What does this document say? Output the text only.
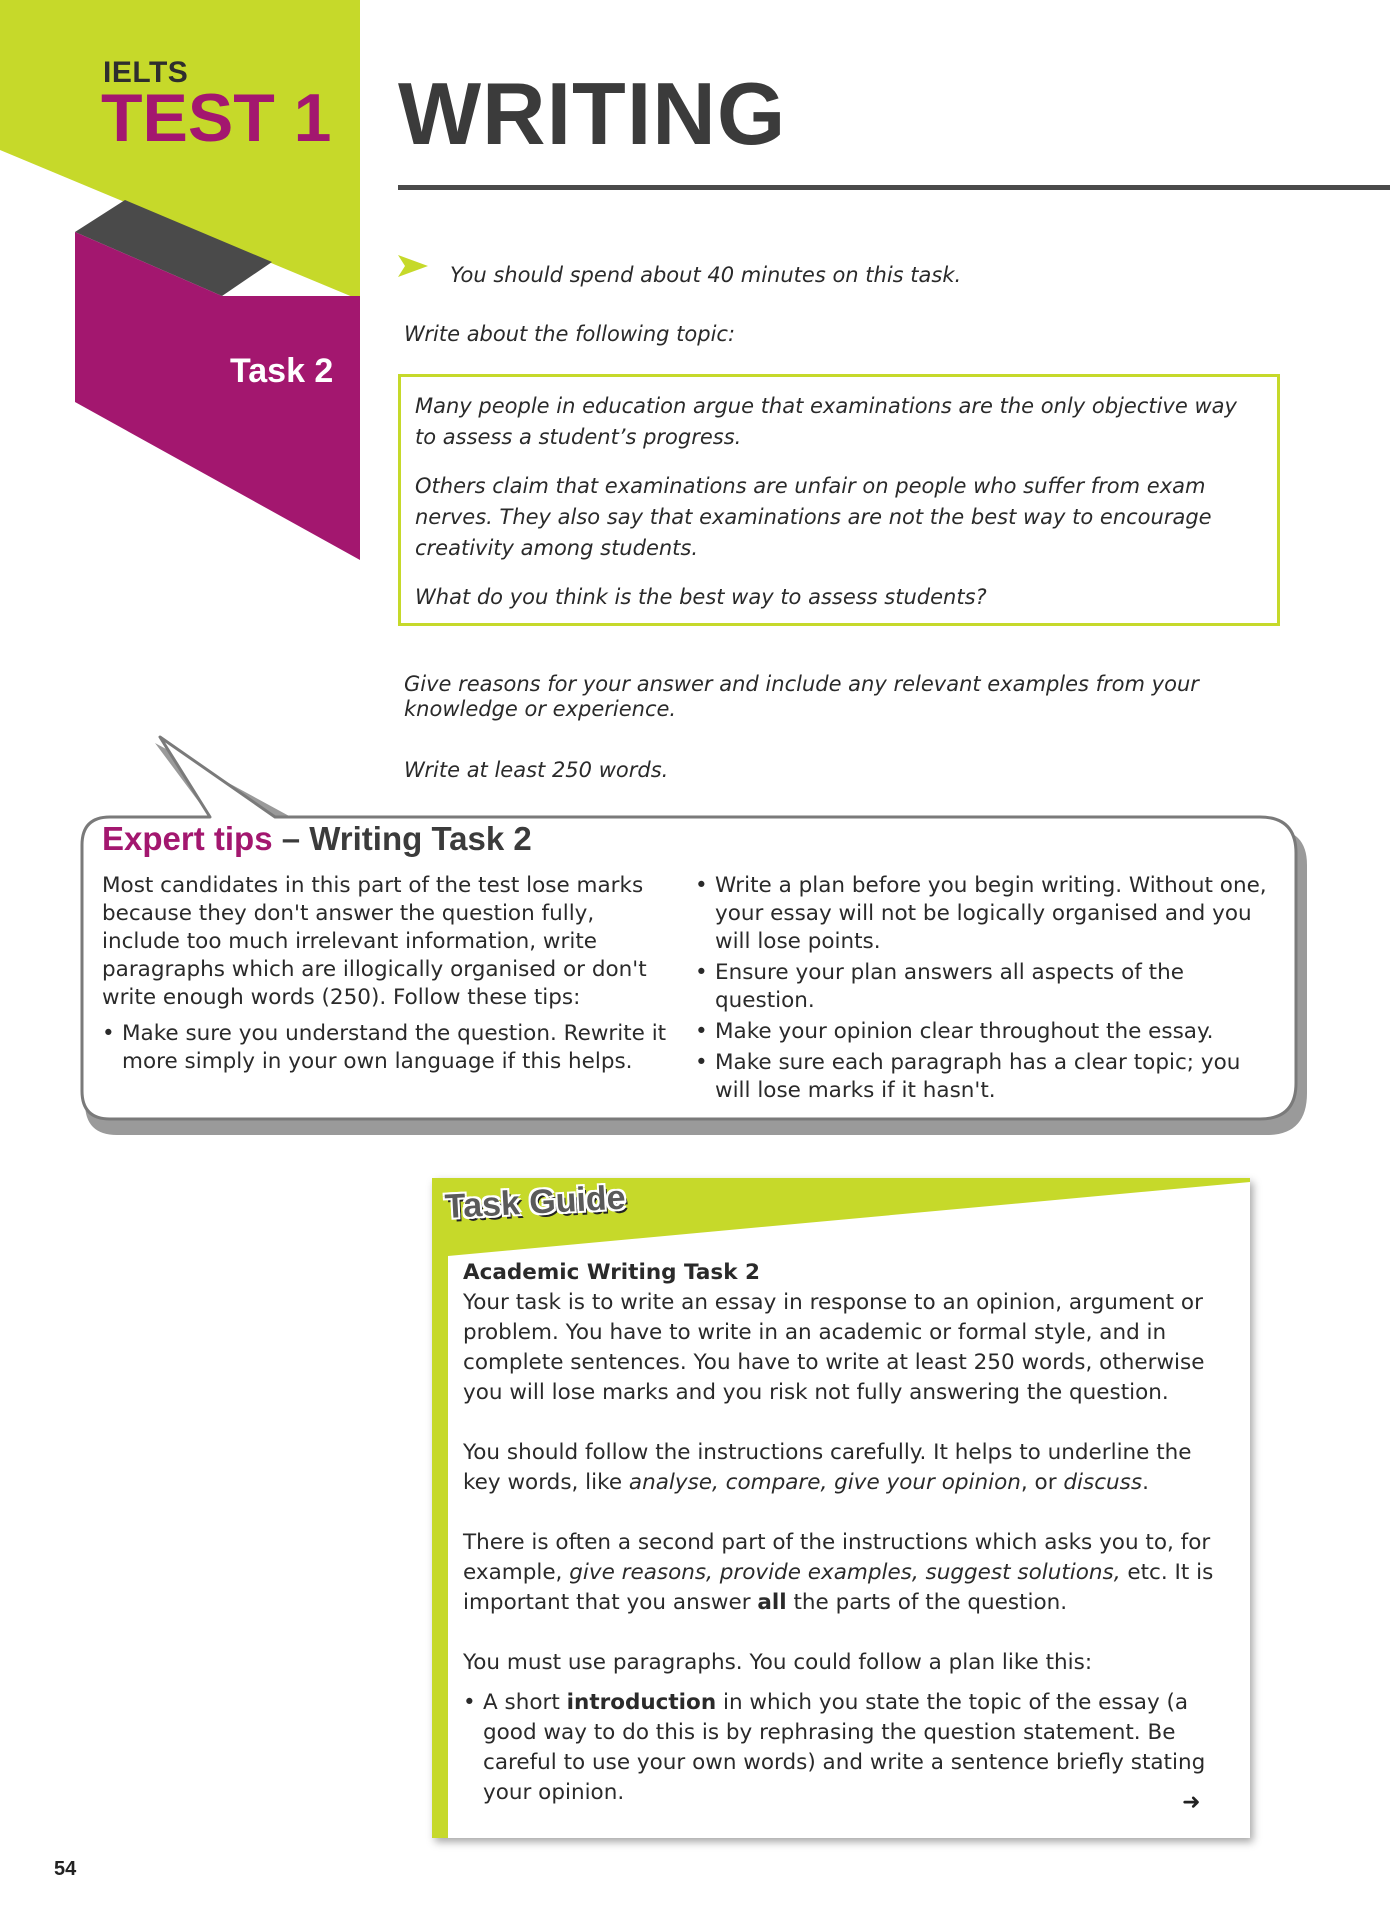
IELTS
TEST 1
Task 2
WRITING
You should spend about 40 minutes on this task.
Write about the following topic:

Many people in education argue that examinations are the only objective way to assess a student’s progress.

Others claim that examinations are unfair on people who suffer from exam nerves. They also say that examinations are not the best way to encourage creativity among students.

What do you think is the best way to assess students?

Give reasons for your answer and include any relevant examples from your knowledge or experience.
Write at least 250 words.
Expert tips – Writing Task 2

Most candidates in this part of the test lose marks because they don't answer the question fully, include too much irrelevant information, write paragraphs which are illogically organised or don't write enough words (250). Follow these tips:

• Make sure you understand the question. Rewrite it more simply in your own language if this helps.
• Write a plan before you begin writing. Without one, your essay will not be logically organised and you will lose points.
• Ensure your plan answers all aspects of the question.
• Make your opinion clear throughout the essay.
• Make sure each paragraph has a clear topic; you will lose marks if it hasn't.
Task Guide
Academic Writing Task 2

Your task is to write an essay in response to an opinion, argument or problem. You have to write in an academic or formal style, and in complete sentences. You have to write at least 250 words, otherwise you will lose marks and you risk not fully answering the question.

You should follow the instructions carefully. It helps to underline the key words, like analyse, compare, give your opinion, or discuss.

There is often a second part of the instructions which asks you to, for example, give reasons, provide examples, suggest solutions, etc. It is important that you answer all the parts of the question.

You must use paragraphs. You could follow a plan like this:

• A short introduction in which you state the topic of the essay (a good way to do this is by rephrasing the question statement. Be careful to use your own words) and write a sentence briefly stating your opinion.	➜
54
